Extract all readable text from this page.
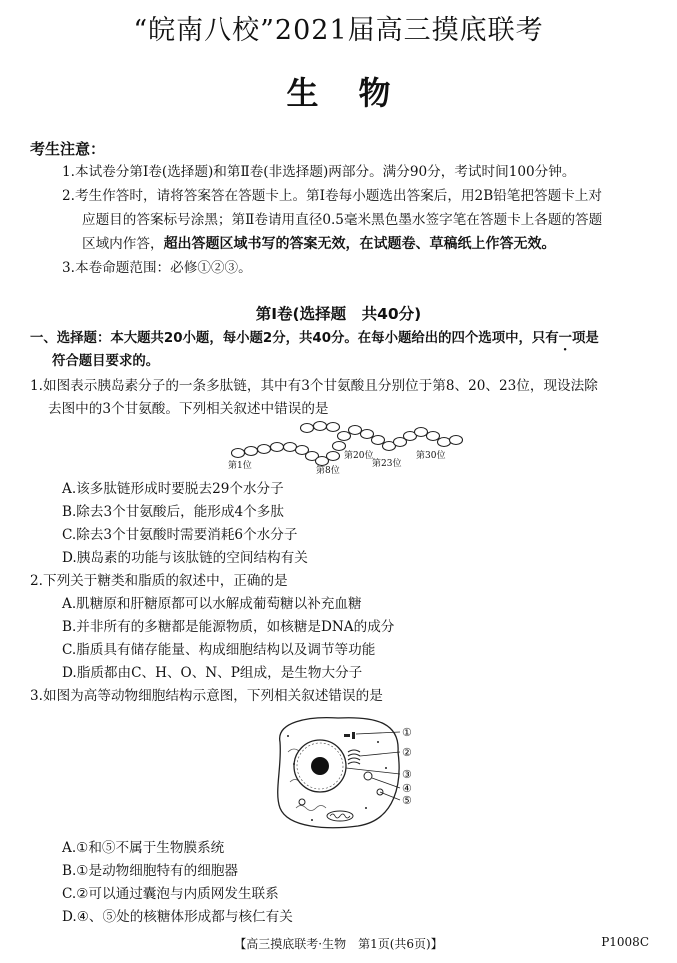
“皖南八校”2021届高三摸底联考
生物
考生注意：
1.本试卷分第Ⅰ卷(选择题)和第Ⅱ卷(非选择题)两部分。满分90分，考试时间100分钟。
2.考生作答时，请将答案答在答题卡上。第Ⅰ卷每小题选出答案后，用2B铅笔把答题卡上对
应题目的答案标号涂黑；第Ⅱ卷请用直径0.5毫米黑色墨水签字笔在答题卡上各题的答题
区域内作答，超出答题区域书写的答案无效，在试题卷、草稿纸上作答无效。
3.本卷命题范围：必修①②③。
第Ⅰ卷(选择题　共40分)
一、选择题：本大题共20小题，每小题2分，共40分。在每小题给出的四个选项中，只有一项是
符合题目要求的。
1.如图表示胰岛素分子的一条多肽链，其中有3个甘氨酸且分别位于第8、20、23位，现设法除
去图中的3个甘氨酸。下列相关叙述中错误的是
第1位	第8位
第20位
第23位
第30位
A.该多肽链形成时要脱去29个水分子
B.除去3个甘氨酸后，能形成4个多肽
C.除去3个甘氨酸时需要消耗6个水分子
D.胰岛素的功能与该肽链的空间结构有关
2.下列关于糖类和脂质的叙述中，正确的是
A.肌糖原和肝糖原都可以水解成葡萄糖以补充血糖
B.并非所有的多糖都是能源物质，如核糖是DNA的成分
C.脂质具有储存能量、构成细胞结构以及调节等功能
D.脂质都由C、H、O、N、P组成，是生物大分子
3.如图为高等动物细胞结构示意图，下列相关叙述错误的是
①
②
③
④
⑤
A.①和⑤不属于生物膜系统
B.①是动物细胞特有的细胞器
C.②可以通过囊泡与内质网发生联系
D.④、⑤处的核糖体形成都与核仁有关
【高三摸底联考·生物　第1页(共6页)】	P1008C
